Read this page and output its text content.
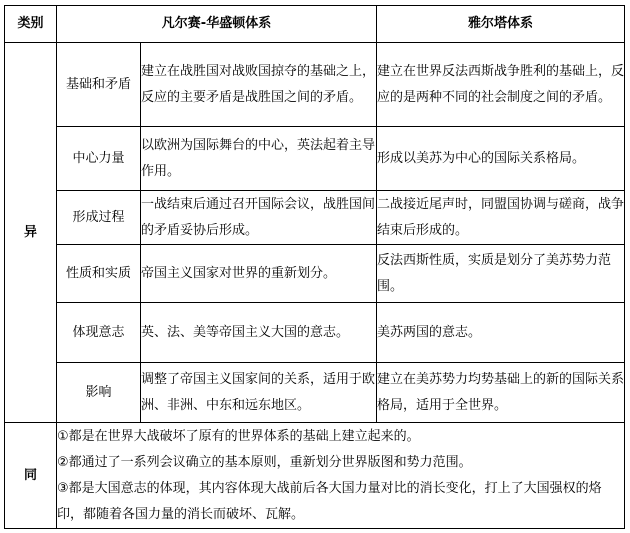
类别	凡尔赛-华盛顿体系		雅尔塔体系
异	基础和矛盾	建立在战胜国对战败国掠夺的基础之上，反应的主要矛盾是战胜国之间的矛盾。	建立在世界反法西斯战争胜利的基础上，反应的是两种不同的社会制度之间的矛盾。
	中心力量	以欧洲为国际舞台的中心，英法起着主导作用。	形成以美苏为中心的国际关系格局。
	形成过程	一战结束后通过召开国际会议，战胜国间的矛盾妥协后形成。	二战接近尾声时，同盟国协调与磋商，战争结束后形成的。
	性质和实质	帝国主义国家对世界的重新划分。	反法西斯性质，实质是划分了美苏势力范围。
	体现意志	英、法、美等帝国主义大国的意志。	美苏两国的意志。
	影响	调整了帝国主义国家间的关系，适用于欧洲、非洲、中东和远东地区。	建立在美苏势力均势基础上的新的国际关系格局，适用于全世界。
同	①都是在世界大战破坏了原有的世界体系的基础上建立起来的。

②都通过了一系列会议确立的基本原则，重新划分世界版图和势力范围。

③都是大国意志的体现，其内容体现大战前后各大国力量对比的消长变化，打上了大国强权的烙印，都随着各国力量的消长而破坏、瓦解。		
